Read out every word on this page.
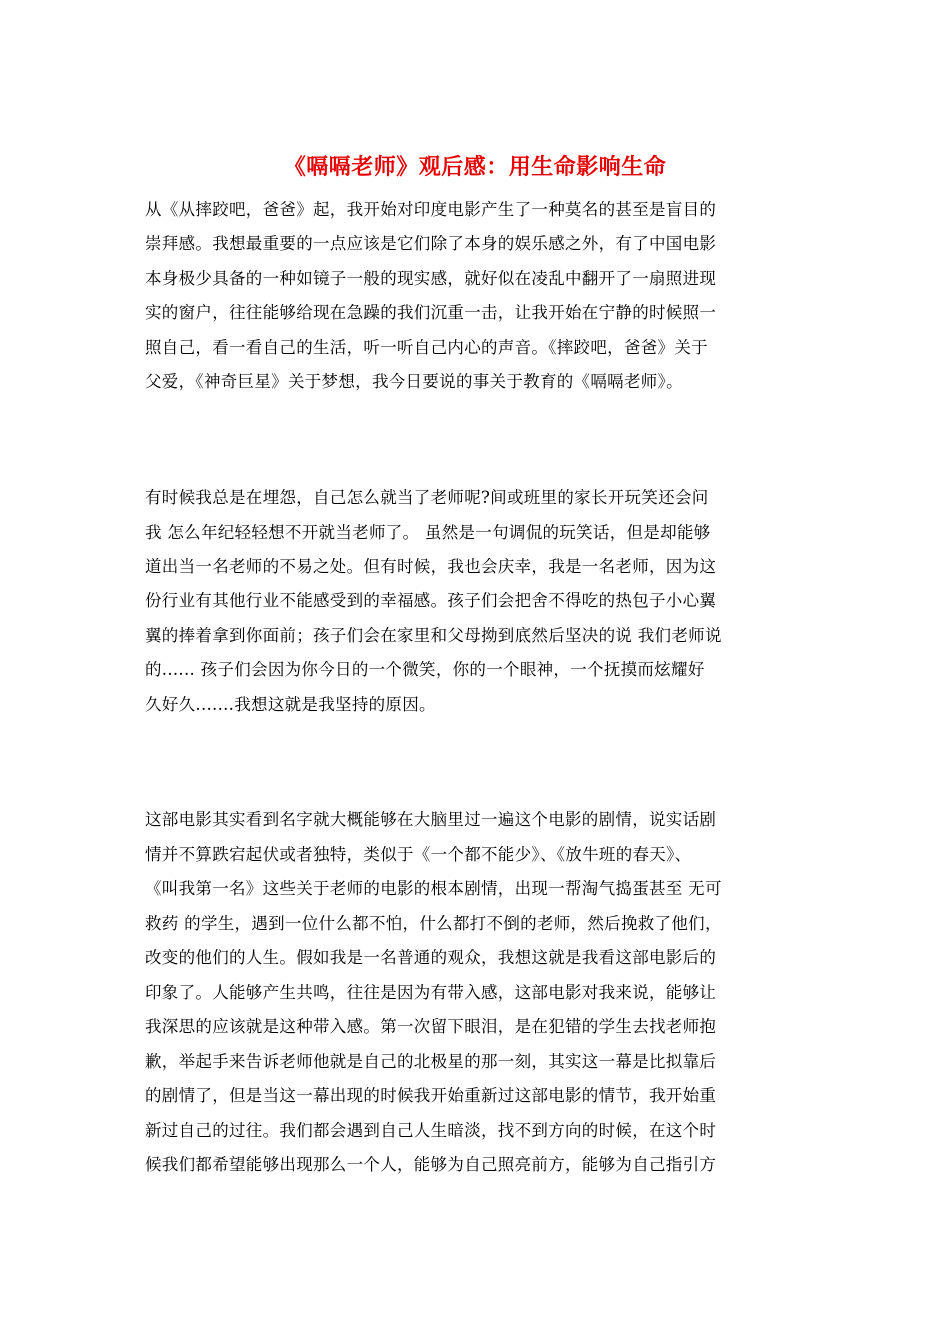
《嗝嗝老师》观后感：用生命影响生命
从《从摔跤吧，爸爸》起，我开始对印度电影产生了一种莫名的甚至是盲目的
崇拜感。我想最重要的一点应该是它们除了本身的娱乐感之外，有了中国电影
本身极少具备的一种如镜子一般的现实感，就好似在凌乱中翻开了一扇照进现
实的窗户，往往能够给现在急躁的我们沉重一击，让我开始在宁静的时候照一
照自己，看一看自己的生活，听一听自己内心的声音。《摔跤吧，爸爸》关于
父爱，《神奇巨星》关于梦想，我今日要说的事关于教育的《嗝嗝老师》。
有时候我总是在埋怨，自己怎么就当了老师呢?间或班里的家长开玩笑还会问
我 怎么年纪轻轻想不开就当老师了。 虽然是一句调侃的玩笑话，但是却能够
道出当一名老师的不易之处。但有时候，我也会庆幸，我是一名老师，因为这
份行业有其他行业不能感受到的幸福感。孩子们会把舍不得吃的热包子小心翼
翼的捧着拿到你面前；孩子们会在家里和父母拗到底然后坚决的说 我们老师说
的...... 孩子们会因为你今日的一个微笑，你的一个眼神，一个抚摸而炫耀好
久好久.......我想这就是我坚持的原因。
这部电影其实看到名字就大概能够在大脑里过一遍这个电影的剧情，说实话剧
情并不算跌宕起伏或者独特，类似于《一个都不能少》、《放牛班的春天》、
《叫我第一名》这些关于老师的电影的根本剧情，出现一帮淘气捣蛋甚至 无可
救药 的学生，遇到一位什么都不怕，什么都打不倒的老师，然后挽救了他们，
改变的他们的人生。假如我是一名普通的观众，我想这就是我看这部电影后的
印象了。人能够产生共鸣，往往是因为有带入感，这部电影对我来说，能够让
我深思的应该就是这种带入感。第一次留下眼泪，是在犯错的学生去找老师抱
歉，举起手来告诉老师他就是自己的北极星的那一刻，其实这一幕是比拟靠后
的剧情了，但是当这一幕出现的时候我开始重新过这部电影的情节，我开始重
新过自己的过往。我们都会遇到自己人生暗淡，找不到方向的时候，在这个时
候我们都希望能够出现那么一个人，能够为自己照亮前方，能够为自己指引方
